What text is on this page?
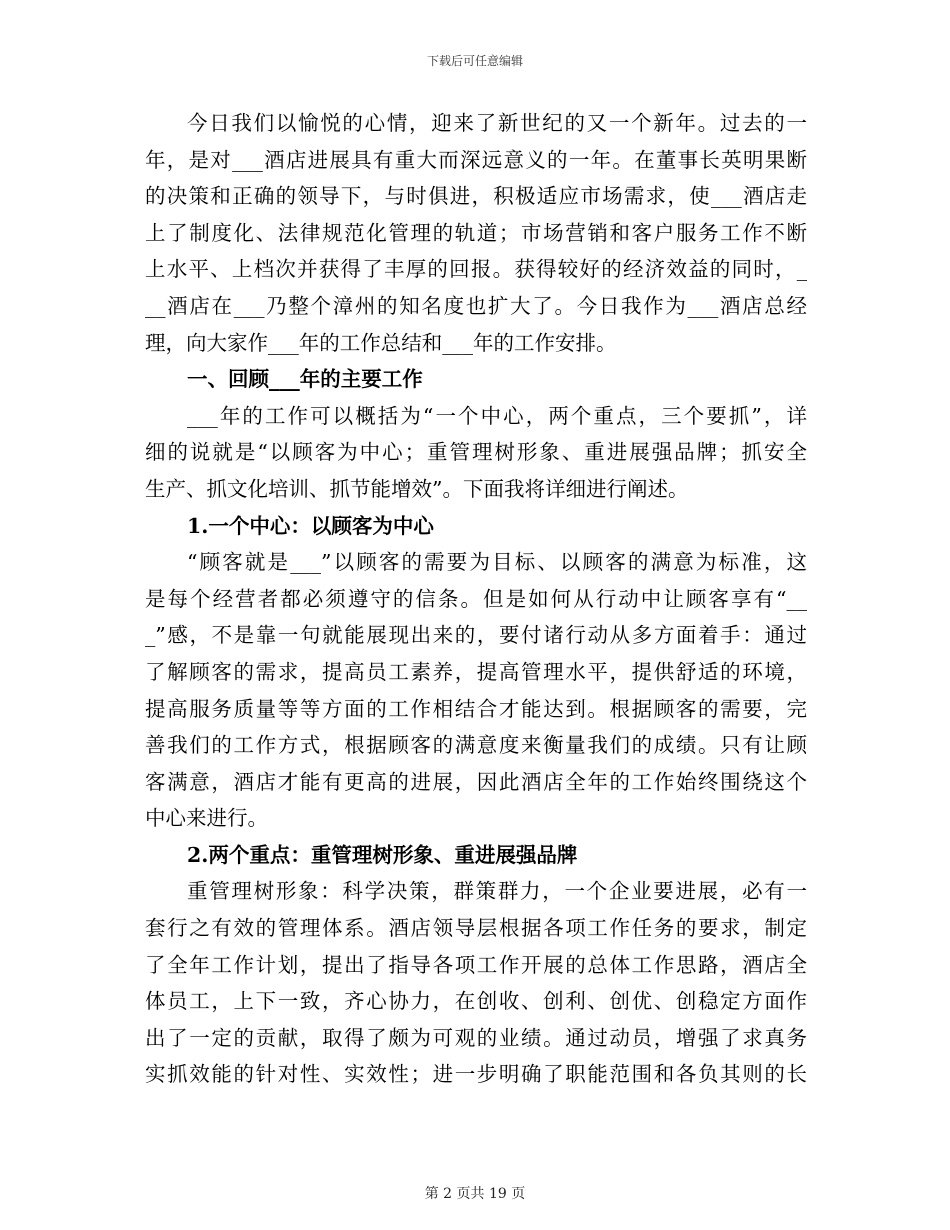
下载后可任意编辑
今日我们以愉悦的心情，迎来了新世纪的又一个新年。过去的一
年，是对___酒店进展具有重大而深远意义的一年。在董事长英明果断
的决策和正确的领导下，与时俱进，积极适应市场需求，使___酒店走
上了制度化、法律规范化管理的轨道；市场营销和客户服务工作不断
上水平、上档次并获得了丰厚的回报。获得较好的经济效益的同时，_
__酒店在___乃整个漳州的知名度也扩大了。今日我作为___酒店总经
理，向大家作___年的工作总结和___年的工作安排。
一、回顾___年的主要工作
___年的工作可以概括为“一个中心，两个重点，三个要抓”，详
细的说就是“以顾客为中心；重管理树形象、重进展强品牌；抓安全
生产、抓文化培训、抓节能增效”。下面我将详细进行阐述。
1.一个中心：以顾客为中心
“顾客就是___”以顾客的需要为目标、以顾客的满意为标准，这
是每个经营者都必须遵守的信条。但是如何从行动中让顾客享有“__
_”感，不是靠一句就能展现出来的，要付诸行动从多方面着手：通过
了解顾客的需求，提高员工素养，提高管理水平，提供舒适的环境，
提高服务质量等等方面的工作相结合才能达到。根据顾客的需要，完
善我们的工作方式，根据顾客的满意度来衡量我们的成绩。只有让顾
客满意，酒店才能有更高的进展，因此酒店全年的工作始终围绕这个
中心来进行。
2.两个重点：重管理树形象、重进展强品牌
重管理树形象：科学决策，群策群力，一个企业要进展，必有一
套行之有效的管理体系。酒店领导层根据各项工作任务的要求，制定
了全年工作计划，提出了指导各项工作开展的总体工作思路，酒店全
体员工，上下一致，齐心协力，在创收、创利、创优、创稳定方面作
出了一定的贡献，取得了颇为可观的业绩。通过动员，增强了求真务
实抓效能的针对性、实效性；进一步明确了职能范围和各负其则的长
第 2 页共 19 页
